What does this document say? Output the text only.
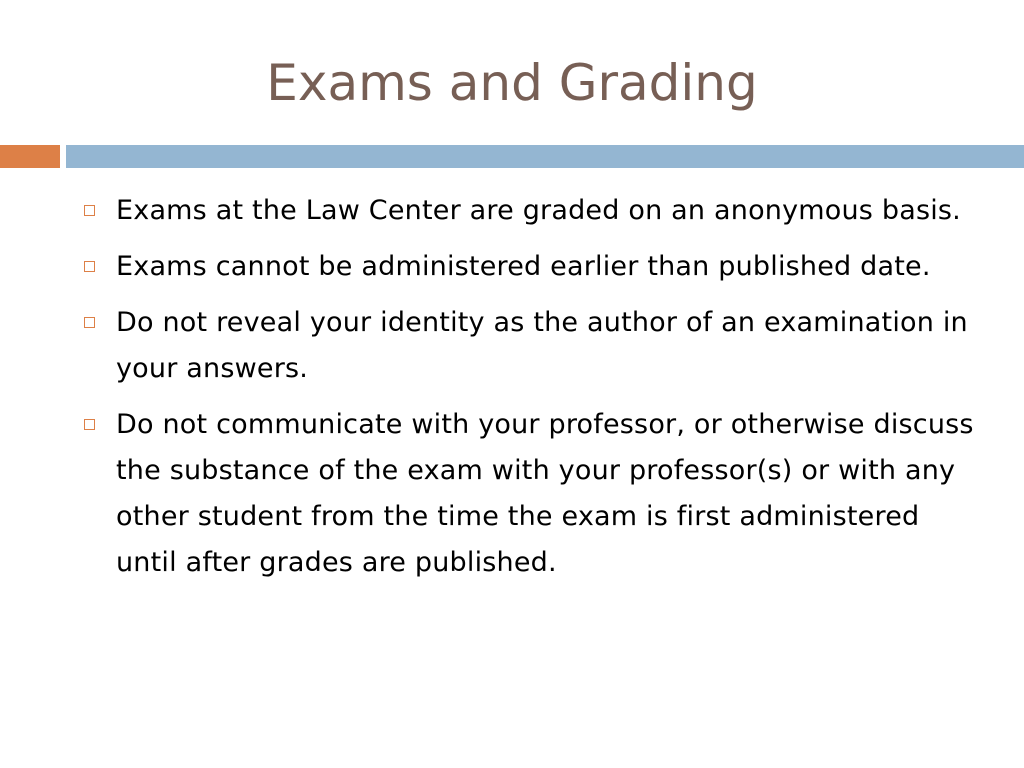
Exams and Grading
Exams at the Law Center are graded on an anonymous basis.
Exams cannot be administered earlier than published date.
Do not reveal your identity as the author of an examination in your answers.
Do not communicate with your professor, or otherwise discuss the substance of the exam with your professor(s) or with any other student from the time the exam is first administered until after grades are published.
